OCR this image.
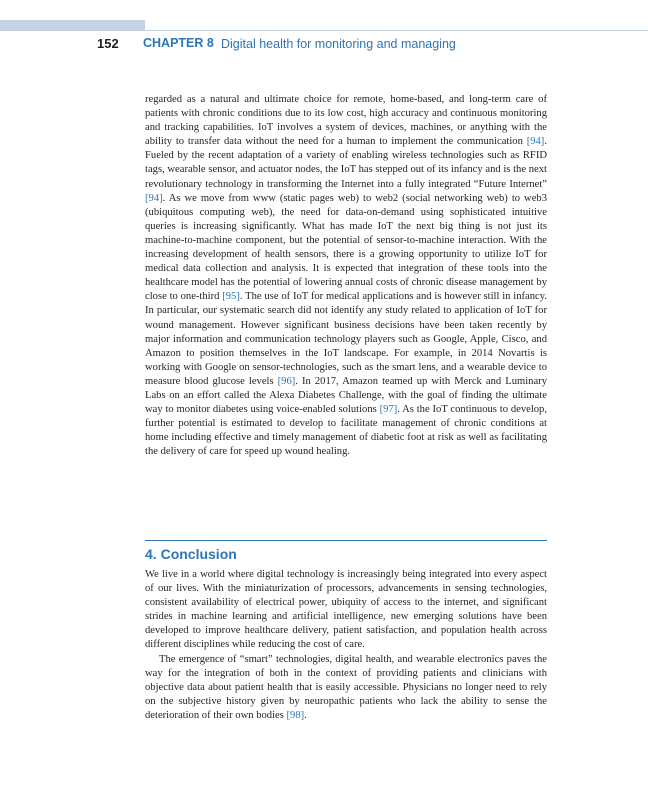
152 CHAPTER 8 Digital health for monitoring and managing

regarded as a natural and ultimate choice for remote, home-based, and long-term care of patients with chronic conditions due to its low cost, high accuracy and continuous monitoring and tracking capabilities. IoT involves a system of devices, machines, or anything with the ability to transfer data without the need for a human to implement the communication [94]. Fueled by the recent adaptation of a variety of enabling wireless technologies such as RFID tags, wearable sensor, and actuator nodes, the IoT has stepped out of its infancy and is the next revolutionary technology in transforming the Internet into a fully integrated “Future Internet” [94]. As we move from www (static pages web) to web2 (social networking web) to web3 (ubiquitous computing web), the need for data-on-demand using sophisticated intuitive queries is increasing significantly. What has made IoT the next big thing is not just its machine-to-machine component, but the potential of sensor-to-machine interaction. With the increasing development of health sensors, there is a growing opportunity to utilize IoT for medical data collection and analysis. It is expected that integration of these tools into the healthcare model has the potential of lowering annual costs of chronic disease management by close to one-third [95]. The use of IoT for medical applications and is however still in infancy. In particular, our systematic search did not identify any study related to application of IoT for wound management. However significant business decisions have been taken recently by major information and communication technology players such as Google, Apple, Cisco, and Amazon to position themselves in the IoT landscape. For example, in 2014 Novartis is working with Google on sensor-technologies, such as the smart lens, and a wearable device to measure blood glucose levels [96]. In 2017, Amazon teamed up with Merck and Luminary Labs on an effort called the Alexa Diabetes Challenge, with the goal of finding the ultimate way to monitor diabetes using voice-enabled solutions [97]. As the IoT continuous to develop, further potential is estimated to develop to facilitate management of chronic conditions at home including effective and timely management of diabetic foot at risk as well as facilitating the delivery of care for speed up wound healing.

4. Conclusion

We live in a world where digital technology is increasingly being integrated into every aspect of our lives. With the miniaturization of processors, advancements in sensing technologies, consistent availability of electrical power, ubiquity of access to the internet, and significant strides in machine learning and artificial intelligence, new emerging solutions have been developed to improve healthcare delivery, patient satisfaction, and population health across different disciplines while reducing the cost of care.

The emergence of “smart” technologies, digital health, and wearable electronics paves the way for the integration of both in the context of providing patients and clinicians with objective data about patient health that is easily accessible. Physicians no longer need to rely on the subjective history given by neuropathic patients who lack the ability to sense the deterioration of their own bodies [98].
